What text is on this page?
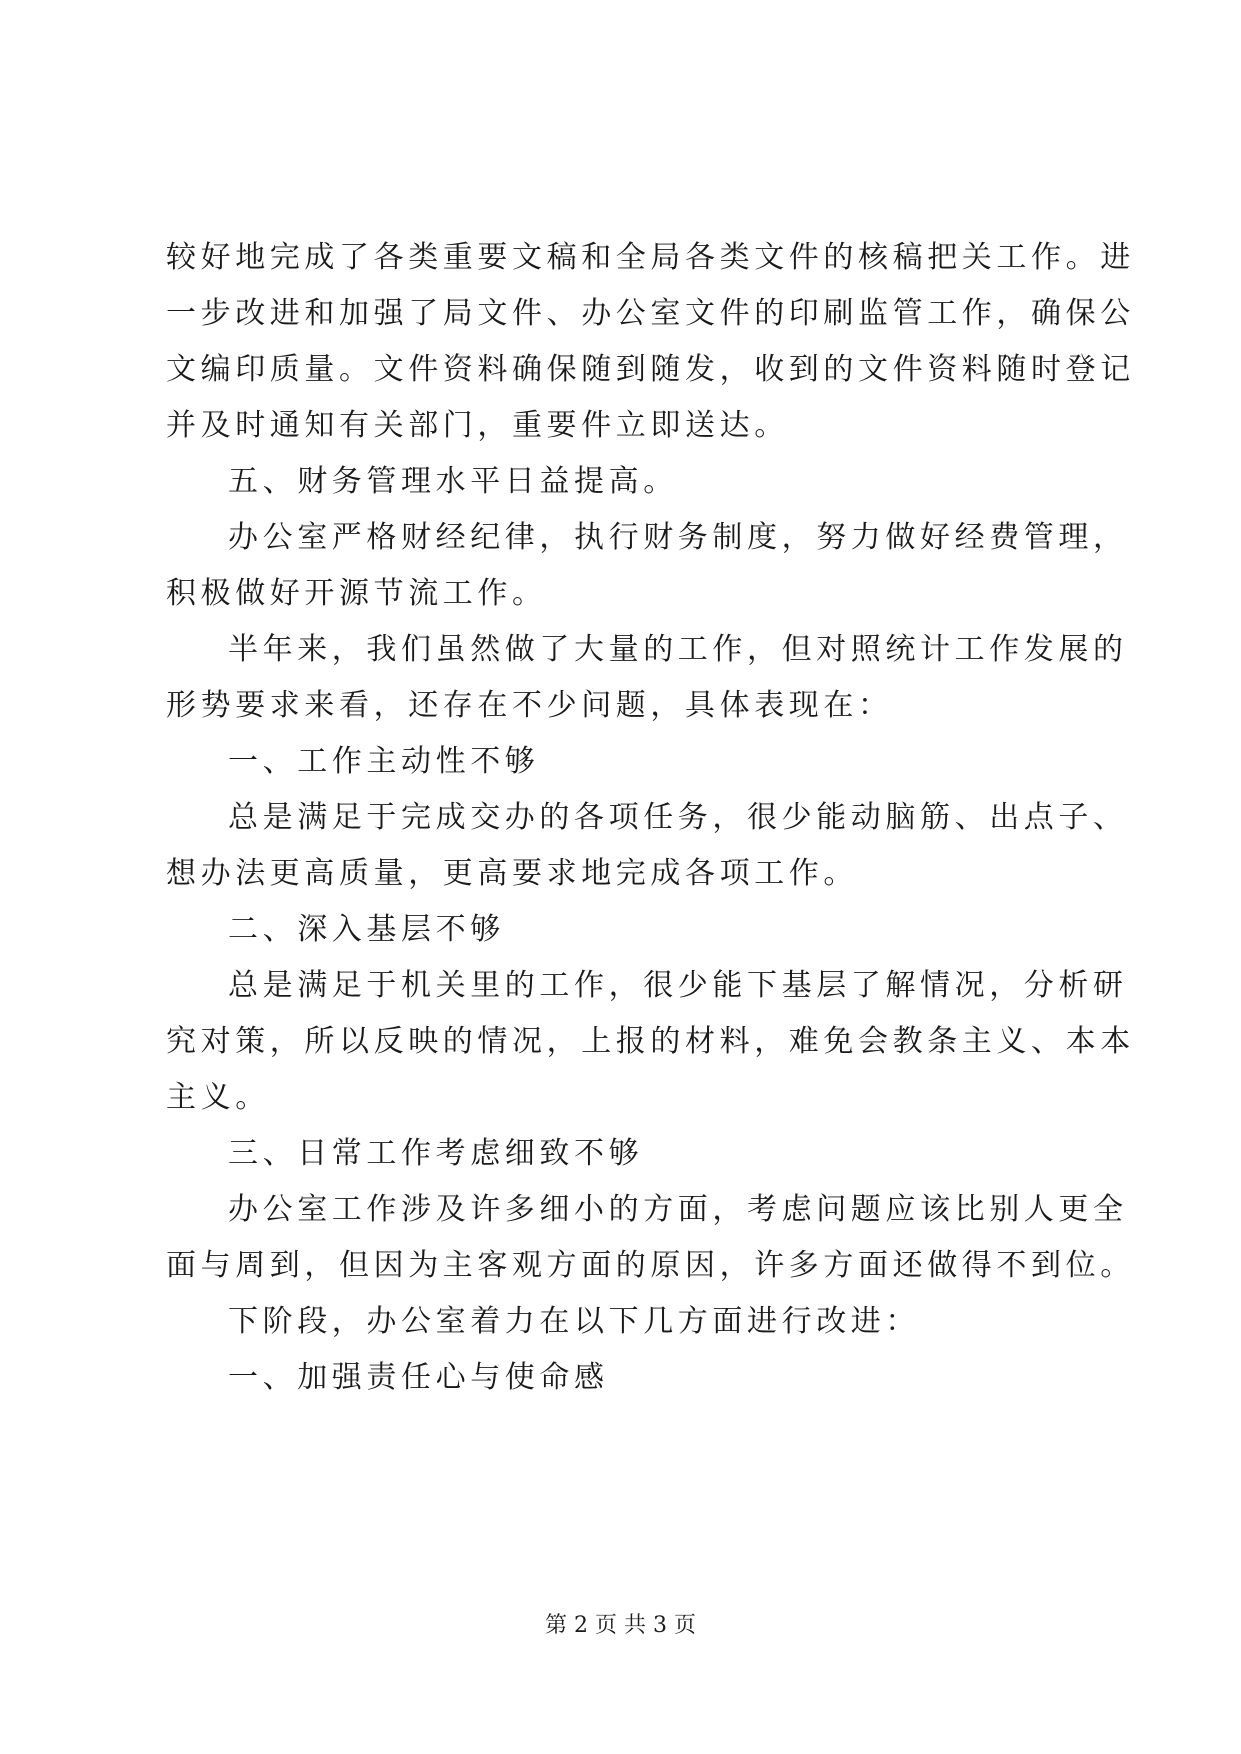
较好地完成了各类重要文稿和全局各类文件的核稿把关工作。进
一步改进和加强了局文件、办公室文件的印刷监管工作，确保公
文编印质量。文件资料确保随到随发，收到的文件资料随时登记
并及时通知有关部门，重要件立即送达。
五、财务管理水平日益提高。
办公室严格财经纪律，执行财务制度，努力做好经费管理，
积极做好开源节流工作。
半年来，我们虽然做了大量的工作，但对照统计工作发展的
形势要求来看，还存在不少问题，具体表现在：
一、工作主动性不够
总是满足于完成交办的各项任务，很少能动脑筋、出点子、
想办法更高质量，更高要求地完成各项工作。
二、深入基层不够
总是满足于机关里的工作，很少能下基层了解情况，分析研
究对策，所以反映的情况，上报的材料，难免会教条主义、本本
主义。
三、日常工作考虑细致不够
办公室工作涉及许多细小的方面，考虑问题应该比别人更全
面与周到，但因为主客观方面的原因，许多方面还做得不到位。
下阶段，办公室着力在以下几方面进行改进：
一、加强责任心与使命感
第 2 页 共 3 页
